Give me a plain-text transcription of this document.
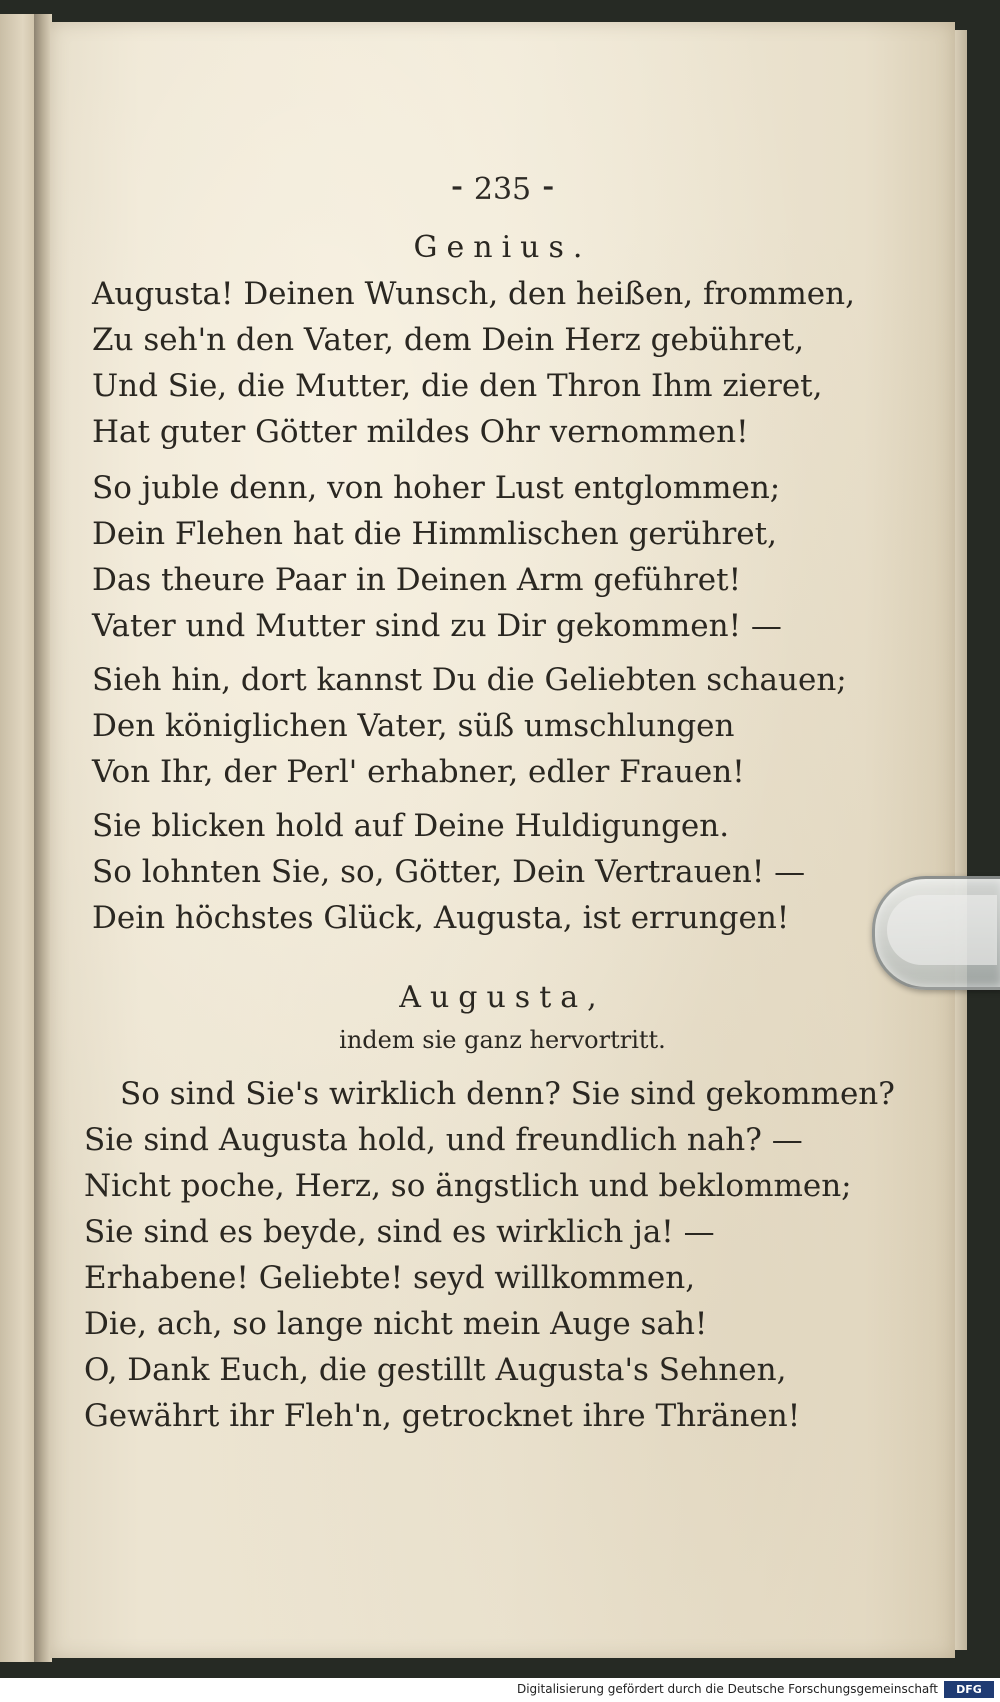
⁃ 235 ⁃
Genius.
Augusta! Deinen Wunsch, den heißen, frommen,
Zu seh'n den Vater, dem Dein Herz gebühret,
Und Sie, die Mutter, die den Thron Ihm zieret,
Hat guter Götter mildes Ohr vernommen!
So juble denn, von hoher Lust entglommen;
Dein Flehen hat die Himmlischen gerühret,
Das theure Paar in Deinen Arm geführet!
Vater und Mutter sind zu Dir gekommen! —
Sieh hin, dort kannst Du die Geliebten schauen;
Den königlichen Vater, süß umschlungen
Von Ihr, der Perl' erhabner, edler Frauen!
Sie blicken hold auf Deine Huldigungen.
So lohnten Sie, so, Götter, Dein Vertrauen! —
Dein höchstes Glück, Augusta, ist errungen!
Augusta,
indem sie ganz hervortritt.
So sind Sie's wirklich denn? Sie sind gekommen?
Sie sind Augusta hold, und freundlich nah? —
Nicht poche, Herz, so ängstlich und beklommen;
Sie sind es beyde, sind es wirklich ja! —
Erhabene! Geliebte! seyd willkommen,
Die, ach, so lange nicht mein Auge sah!
O, Dank Euch, die gestillt Augusta's Sehnen,
Gewährt ihr Fleh'n, getrocknet ihre Thränen!
Digitalisierung gefördert durch die Deutsche Forschungsgemeinschaft	DFG
